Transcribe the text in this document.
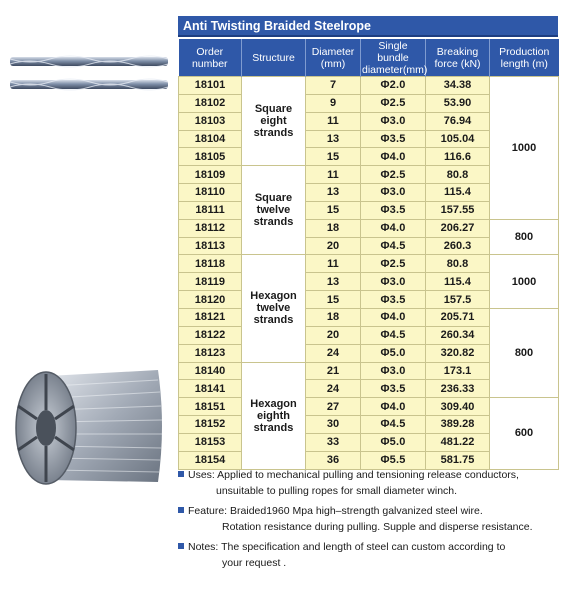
Anti Twisting Braided Steelrope
Order
number	Structure	Diameter
(mm)	Single bundle
diameter(mm)	Breaking
force (kN)	Production
length (m)
18101	Square
eight
strands	7	Φ2.0	34.38	1000
18102		9	Φ2.5	53.90	
18103		11	Φ3.0	76.94	
18104		13	Φ3.5	105.04	
18105		15	Φ4.0	116.6	
18109	Square
twelve
strands	11	Φ2.5	80.8	
18110		13	Φ3.0	115.4	
18111		15	Φ3.5	157.55	
18112		18	Φ4.0	206.27	800
18113		20	Φ4.5	260.3	
18118	Hexagon
twelve
strands	11	Φ2.5	80.8	1000
18119		13	Φ3.0	115.4	
18120		15	Φ3.5	157.5	
18121		18	Φ4.0	205.71	800
18122		20	Φ4.5	260.34	
18123		24	Φ5.0	320.82	
18140	Hexagon
eighth
strands	21	Φ3.0	173.1	
18141		24	Φ3.5	236.33	
18151		27	Φ4.0	309.40	600
18152		30	Φ4.5	389.28	
18153		33	Φ5.0	481.22	
18154		36	Φ5.5	581.75	
Uses: Applied to mechanical pulling and tensioning release conductors,
unsuitable to pulling ropes for small diameter winch.
Feature: Braided1960 Mpa high–strength galvanized steel wire.
Rotation resistance during pulling. Supple and disperse resistance.
Notes: The specification and length of steel can custom according to
your request .
